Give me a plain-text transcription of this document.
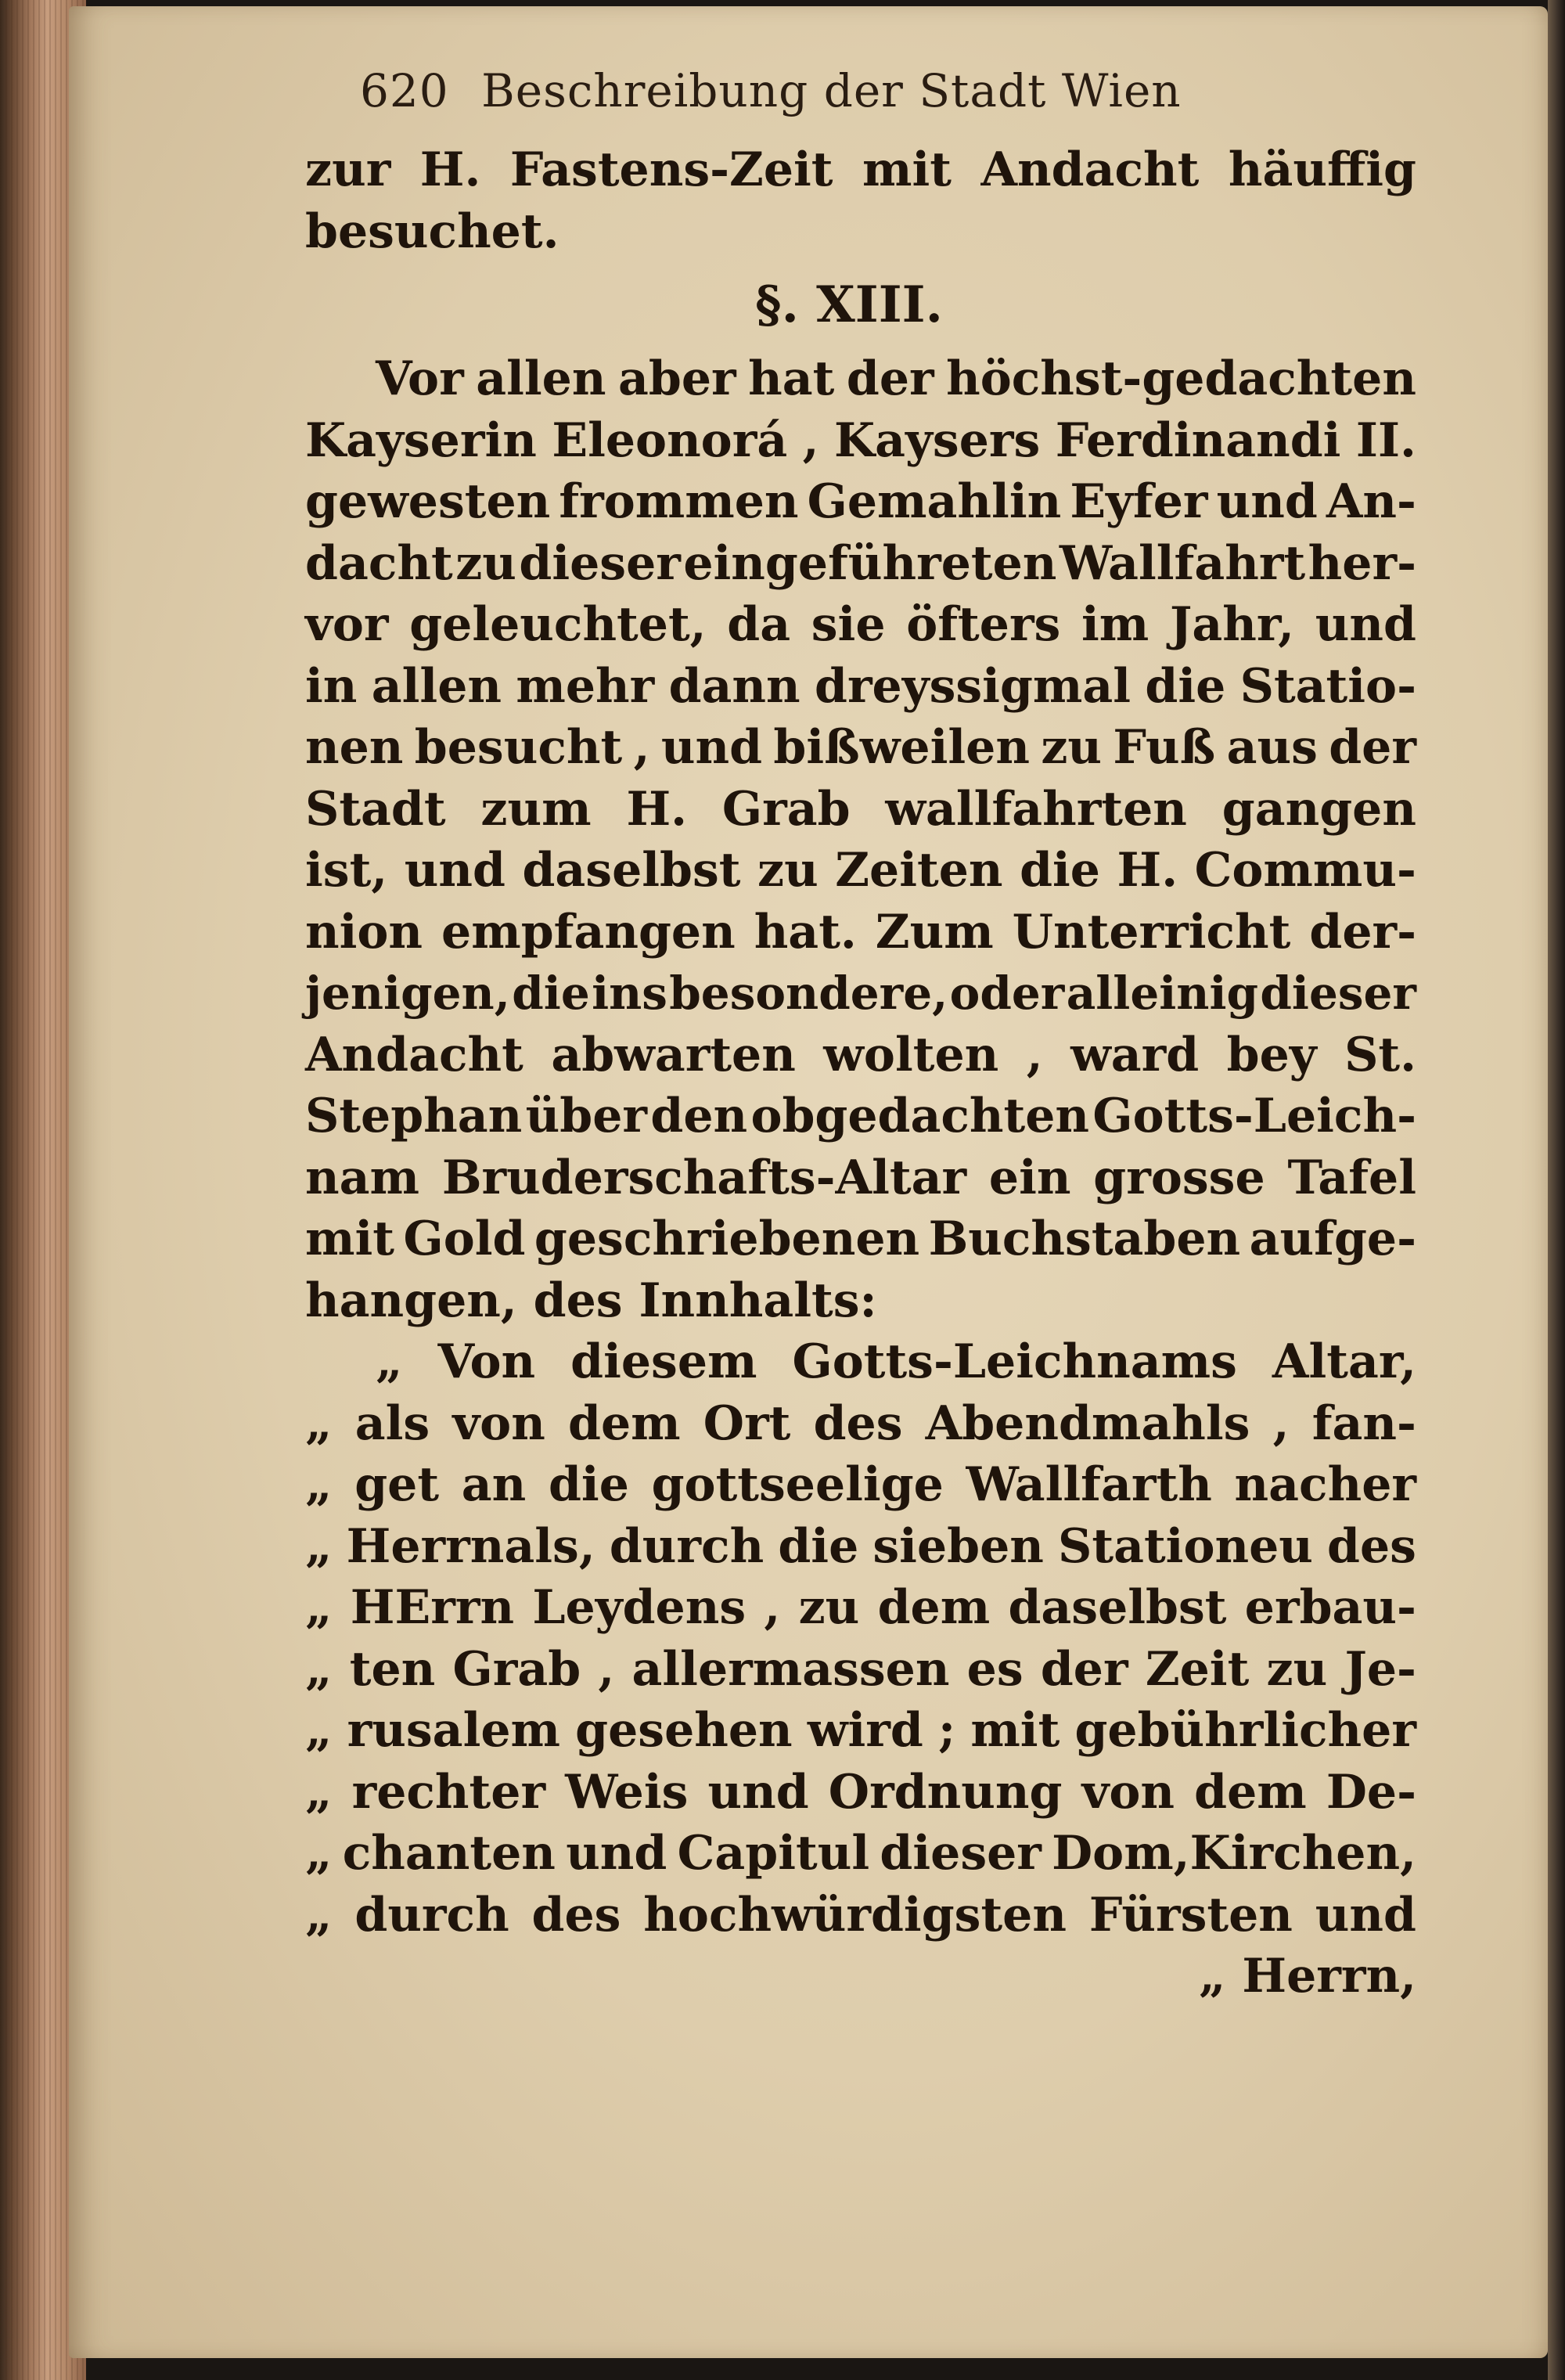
620 Beschreibung der Stadt Wien
zur H. Fastens-Zeit mit Andacht häuffig
besuchet.
§. XIII.
Vor allen aber hat der höchst-gedachten
Kayserin Eleonorá , Kaysers Ferdinandi II.
gewesten frommen Gemahlin Eyfer und An-
dacht zu dieser eingeführeten Wallfahrt her-
vor geleuchtet, da sie öfters im Jahr, und
in allen mehr dann dreyssigmal die Statio-
nen besucht , und bißweilen zu Fuß aus der
Stadt zum H. Grab wallfahrten gangen
ist, und daselbst zu Zeiten die H. Commu-
nion empfangen hat. Zum Unterricht der-
jenigen, die ins besondere, oder alleinig dieser
Andacht abwarten wolten , ward bey St.
Stephan über den obgedachten Gotts-Leich-
nam Bruderschafts-Altar ein grosse Tafel
mit Gold geschriebenen Buchstaben aufge-
hangen, des Innhalts:
„ Von diesem Gotts-Leichnams Altar,
„ als von dem Ort des Abendmahls , fan-
„ get an die gottseelige Wallfarth nacher
„ Herrnals, durch die sieben Stationeu des
„ HErrn Leydens , zu dem daselbst erbau-
„ ten Grab , allermassen es der Zeit zu Je-
„ rusalem gesehen wird ; mit gebührlicher
„ rechter Weis und Ordnung von dem De-
„ chanten und Capitul dieser Dom,Kirchen,
„ durch des hochwürdigsten Fürsten und
„ Herrn,
